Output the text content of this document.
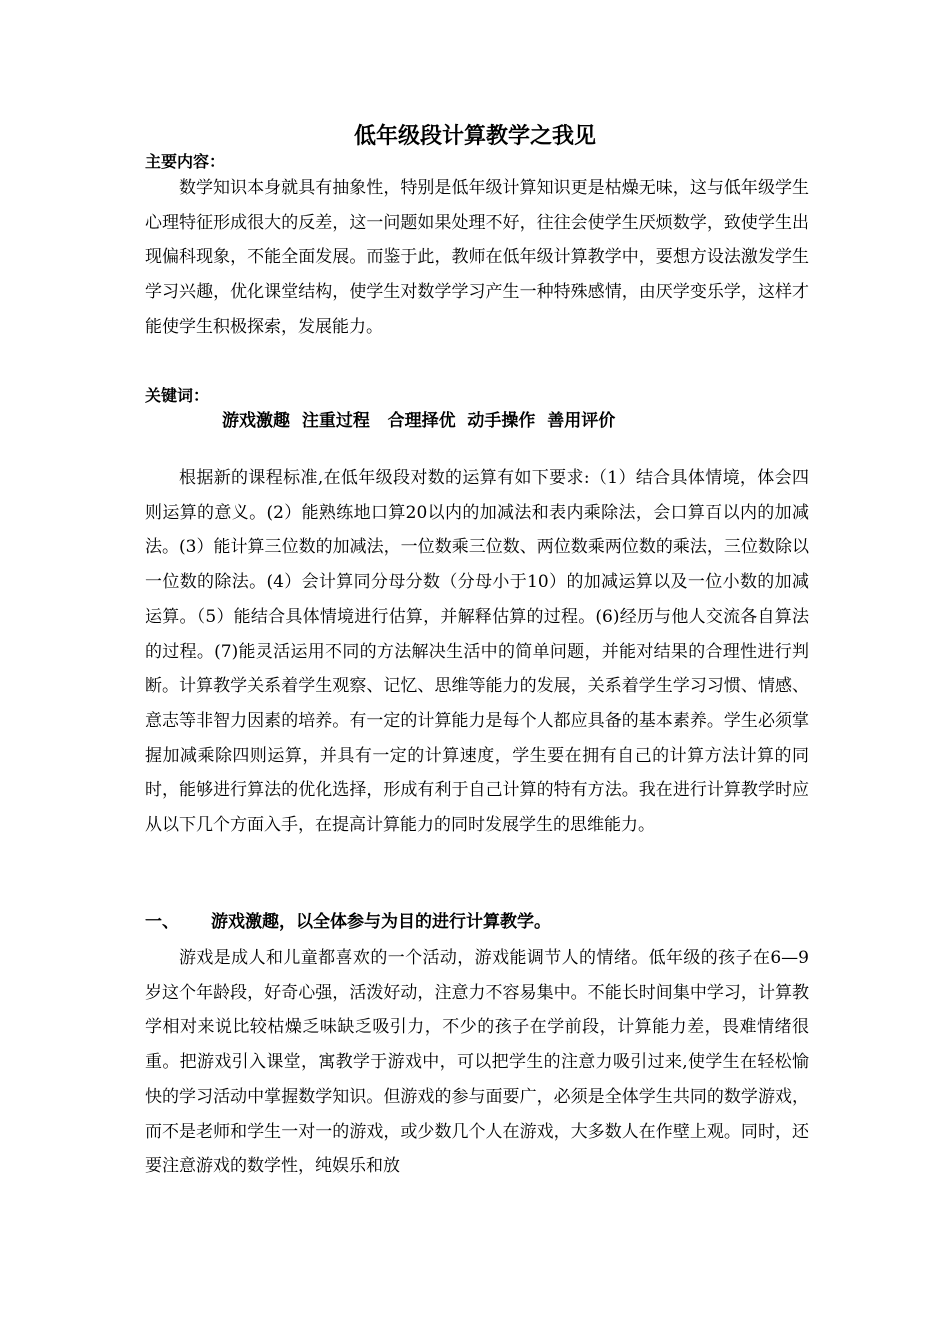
低年级段计算教学之我见
主要内容：

数学知识本身就具有抽象性，特别是低年级计算知识更是枯燥无味，这与低年级学生心理特征形成很大的反差，这一问题如果处理不好，往往会使学生厌烦数学，致使学生出现偏科现象，不能全面发展。而鉴于此，教师在低年级计算教学中，要想方设法激发学生学习兴趣，优化课堂结构，使学生对数学学习产生一种特殊感情，由厌学变乐学，这样才能使学生积极探索，发展能力。

关键词：
游戏激趣  注重过程   合理择优  动手操作  善用评价

根据新的课程标准,在低年级段对数的运算有如下要求:（1）结合具体情境，体会四则运算的意义。(2）能熟练地口算20以内的加减法和表内乘除法，会口算百以内的加减法。(3）能计算三位数的加减法，一位数乘三位数、两位数乘两位数的乘法，三位数除以一位数的除法。(4）会计算同分母分数（分母小于10）的加减运算以及一位小数的加减运算。（5）能结合具体情境进行估算，并解释估算的过程。(6)经历与他人交流各自算法的过程。(7)能灵活运用不同的方法解决生活中的简单问题，并能对结果的合理性进行判断。计算教学关系着学生观察、记忆、思维等能力的发展，关系着学生学习习惯、情感、意志等非智力因素的培养。有一定的计算能力是每个人都应具备的基本素养。学生必须掌握加减乘除四则运算，并具有一定的计算速度，学生要在拥有自己的计算方法计算的同时，能够进行算法的优化选择，形成有利于自己计算的特有方法。我在进行计算教学时应从以下几个方面入手，在提高计算能力的同时发展学生的思维能力。

一、 游戏激趣，以全体参与为目的进行计算教学。

游戏是成人和儿童都喜欢的一个活动，游戏能调节人的情绪。低年级的孩子在6—9岁这个年龄段，好奇心强，活泼好动，注意力不容易集中。不能长时间集中学习，计算教学相对来说比较枯燥乏味缺乏吸引力，不少的孩子在学前段，计算能力差，畏难情绪很重。把游戏引入课堂，寓教学于游戏中，可以把学生的注意力吸引过来,使学生在轻松愉快的学习活动中掌握数学知识。但游戏的参与面要广，必须是全体学生共同的数学游戏，而不是老师和学生一对一的游戏，或少数几个人在游戏，大多数人在作壁上观。同时，还要注意游戏的数学性，纯娱乐和放
